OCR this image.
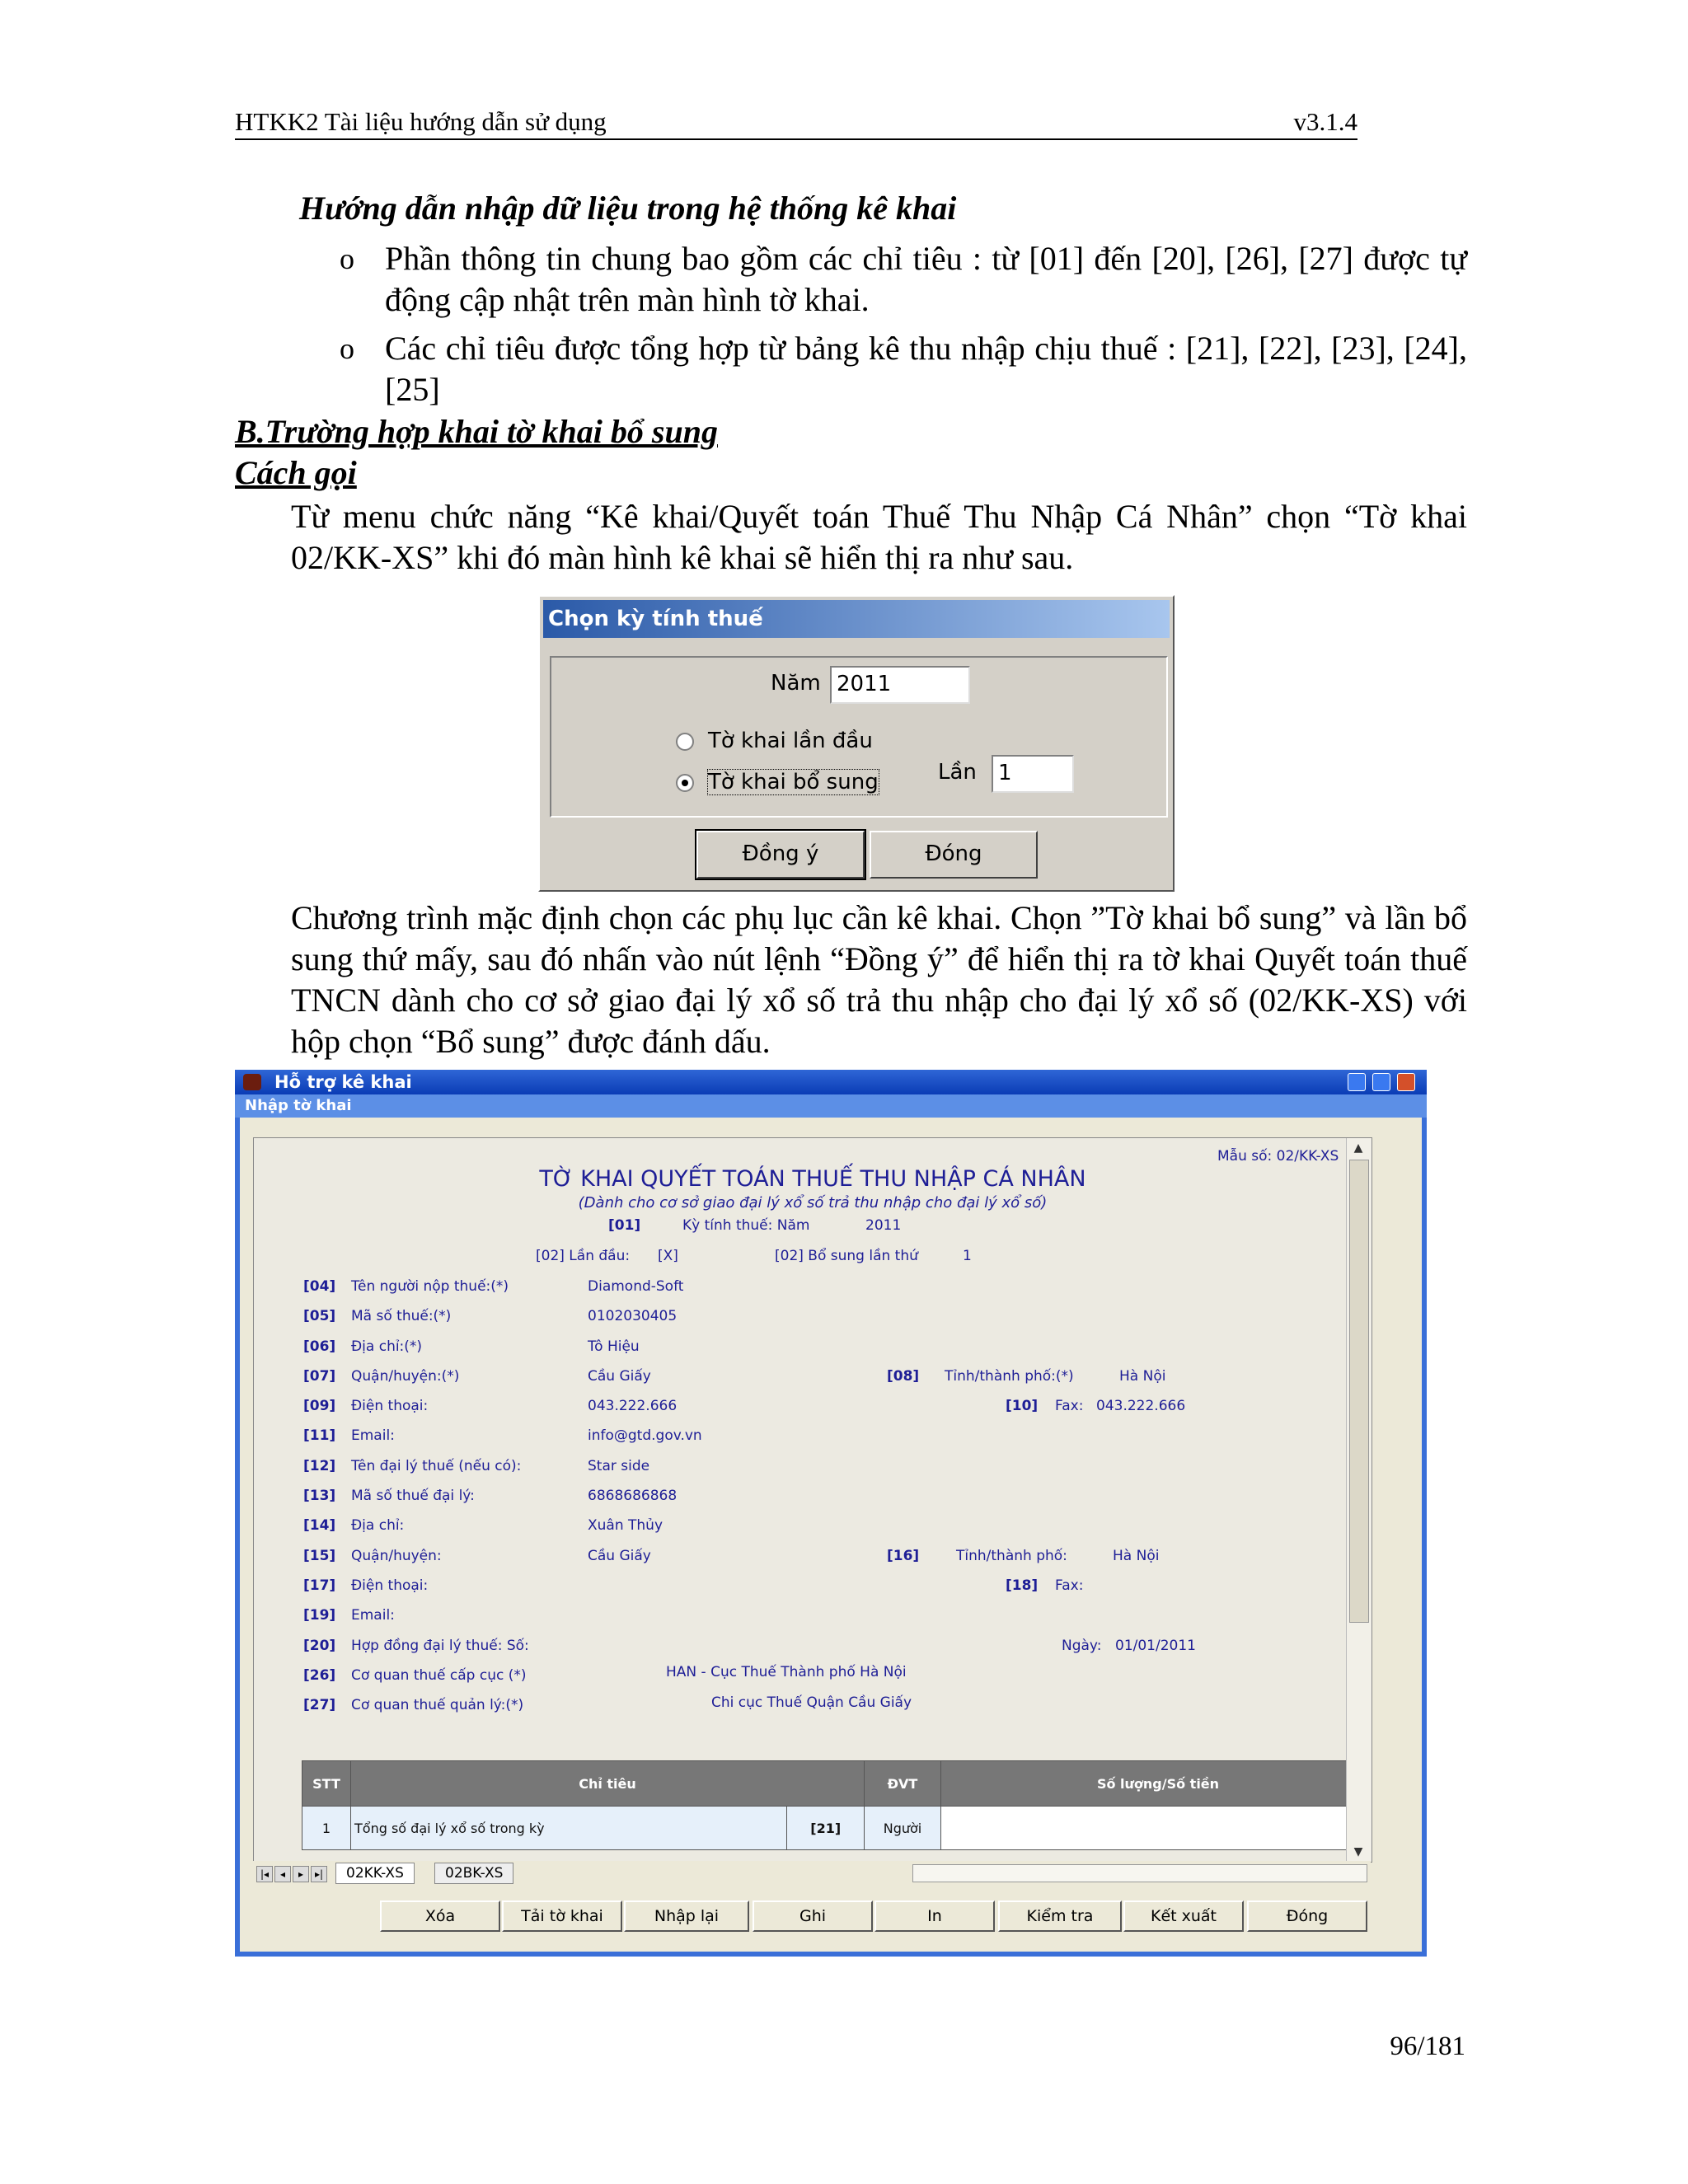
HTKK2 Tài liệu hướng dẫn sử dụng	v3.1.4
Hướng dẫn nhập dữ liệu trong hệ thống kê khai
o Phần thông tin chung bao gồm các chỉ tiêu : từ [01] đến [20], [26], [27] được tự động cập nhật trên màn hình tờ khai.
o Các chỉ tiêu được tổng hợp từ bảng kê thu nhập chịu thuế : [21], [22], [23], [24], [25]
B.Trường hợp khai tờ khai bổ sung
Cách gọi
Từ menu chức năng “Kê khai/Quyết toán Thuế Thu Nhập Cá Nhân” chọn “Tờ khai 02/KK-XS” khi đó màn hình kê khai sẽ hiển thị ra như sau.
Chọn kỳ tính thuế
Năm 2011
Tờ khai lần đầu
Tờ khai bổ sung	Lần	1
Đồng ý	Đóng
Chương trình mặc định chọn các phụ lục cần kê khai. Chọn ”Tờ khai bổ sung” và lần bổ sung thứ mấy, sau đó nhấn vào nút lệnh “Đồng ý” để hiển thị ra tờ khai Quyết toán thuế TNCN dành cho cơ sở giao đại lý xổ số trả thu nhập cho đại lý xổ số (02/KK-XS) với hộp chọn “Bổ sung” được đánh dấu.
Hỗ trợ kê khai
Nhập tờ khai
Mẫu số: 02/KK-XS
TỜ KHAI QUYẾT TOÁN THUẾ THU NHẬP CÁ NHÂN
(Dành cho cơ sở giao đại lý xổ số trả thu nhập cho đại lý xổ số)
[01]	Kỳ tính thuế: Năm	2011
[02] Lần đầu: [X]	[02] Bổ sung lần thứ	1
[04] Tên người nộp thuế:(*)	Diamond-Soft
[05] Mã số thuế:(*)	0102030405
[06] Địa chỉ:(*)	Tô Hiệu
[07] Quận/huyện:(*)	Cầu Giấy	[08] Tỉnh/thành phố:(*)	Hà Nội
[09] Điện thoại:	043.222.666	[10] Fax: 043.222.666
[11] Email:	info@gtd.gov.vn
[12] Tên đại lý thuế (nếu có):	Star side
[13] Mã số thuế đại lý:	6868686868
[14] Địa chỉ:	Xuân Thủy
[15] Quận/huyện:	Cầu Giấy	[16]	Tỉnh/thành phố:	Hà Nội
[17] Điện thoại:	[18] Fax:
[19] Email:
[20] Hợp đồng đại lý thuế: Số:	Ngày: 01/01/2011
[26] Cơ quan thuế cấp cục (*)	HAN - Cục Thuế Thành phố Hà Nội
[27] Cơ quan thuế quản lý:(*)	Chi cục Thuế Quận Cầu Giấy
STT	Chỉ tiêu		ĐVT	Số lượng/Số tiền
1	Tổng số đại lý xổ số trong kỳ	[21]	Người	
▲
▼
|◂	◂	▸	▸|	02KK-XS	02BK-XS
Xóa	Tải tờ khai	Nhập lại	Ghi	In	Kiểm tra	Kết xuất	Đóng
96/181
